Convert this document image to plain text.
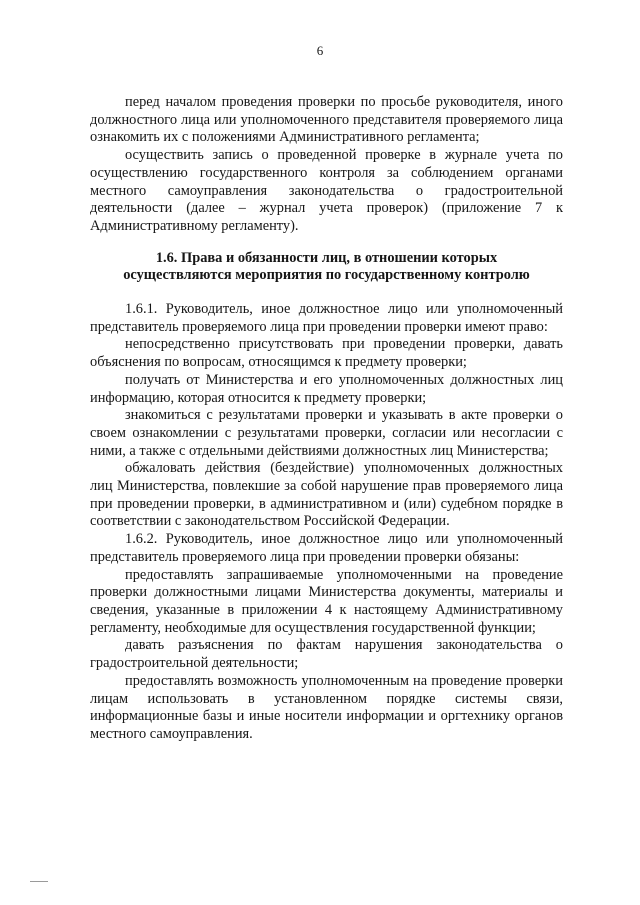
6

перед началом проведения проверки по просьбе руководителя, иного должностного лица или уполномоченного представителя проверяемого лица ознакомить их с положениями Административного регламента;

осуществить запись о проведенной проверке в журнале учета по осуществлению государственного контроля за соблюдением органами местного самоуправления законодательства о градостроительной деятельности (далее – журнал учета проверок) (приложение 7 к Административному регламенту).

1.6. Права и обязанности лиц, в отношении которых
осуществляются мероприятия по государственному контролю

1.6.1. Руководитель, иное должностное лицо или уполномоченный представитель проверяемого лица при проведении проверки имеют право:

непосредственно присутствовать при проведении проверки, давать объяснения по вопросам, относящимся к предмету проверки;

получать от Министерства и его уполномоченных должностных лиц информацию, которая относится к предмету проверки;

знакомиться с результатами проверки и указывать в акте проверки о своем ознакомлении с результатами проверки, согласии или несогласии с ними, а также с отдельными действиями должностных лиц Министерства;

обжаловать действия (бездействие) уполномоченных должностных лиц Министерства, повлекшие за собой нарушение прав проверяемого лица при проведении проверки, в административном и (или) судебном порядке в соответствии с законодательством Российской Федерации.

1.6.2. Руководитель, иное должностное лицо или уполномоченный представитель проверяемого лица при проведении проверки обязаны:

предоставлять запрашиваемые уполномоченными на проведение проверки должностными лицами Министерства документы, материалы и сведения, указанные в приложении 4 к настоящему Административному регламенту, необходимые для осуществления государственной функции;

давать разъяснения по фактам нарушения законодательства о градостроительной деятельности;

предоставлять возможность уполномоченным на проведение проверки лицам использовать в установленном порядке системы связи, информационные базы и иные носители информации и оргтехнику органов местного самоуправления.
